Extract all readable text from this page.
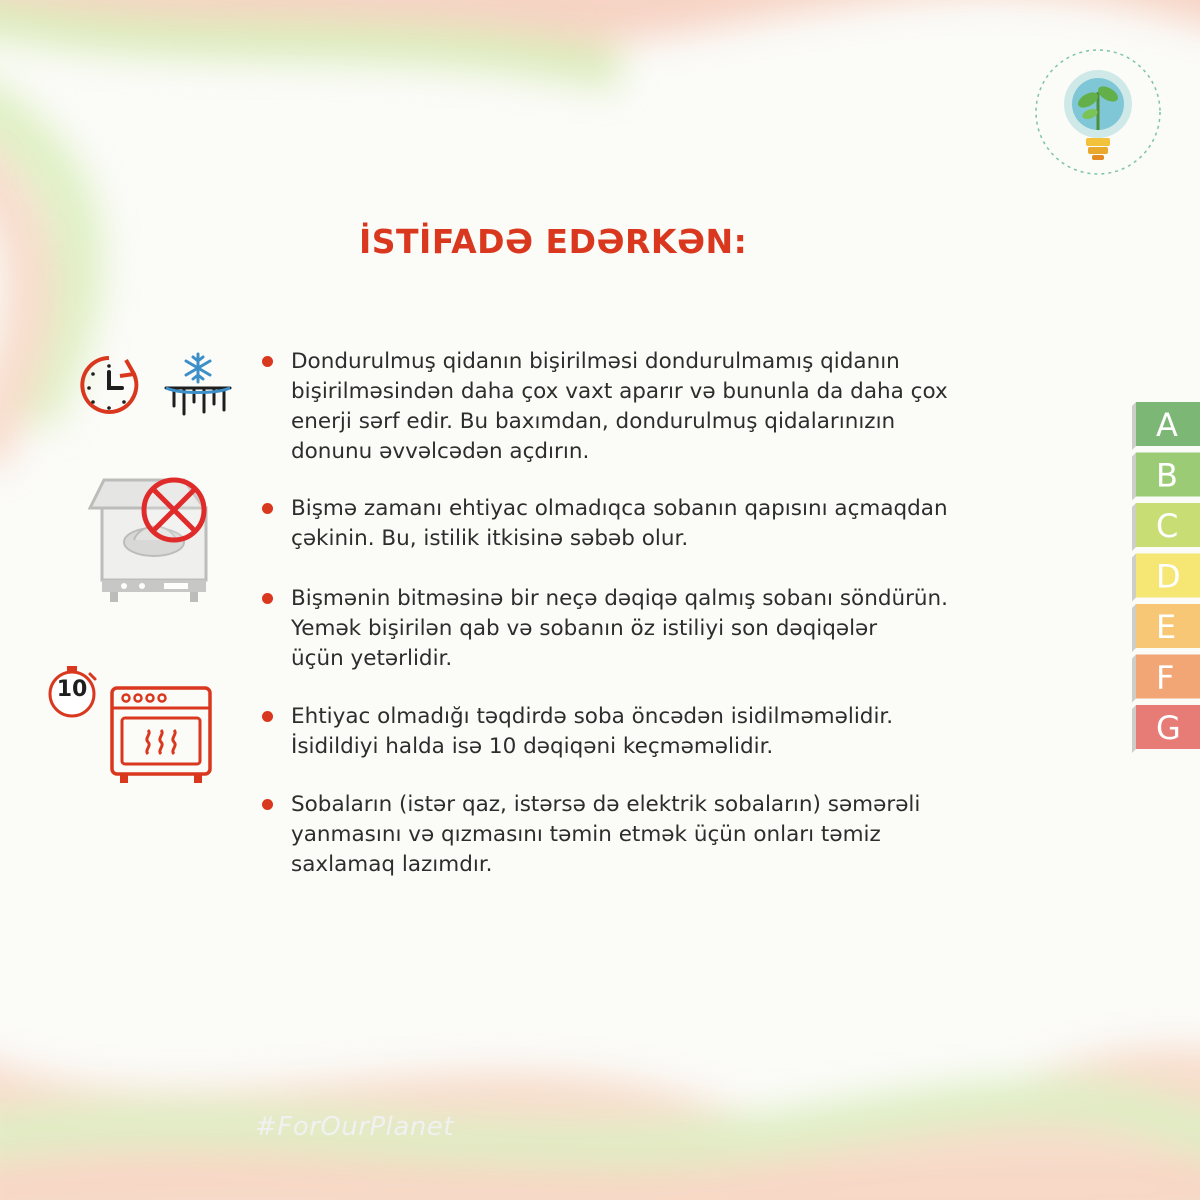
İSTİFADƏ EDƏRKƏN:
10
Dondurulmuş qidanın bişirilməsi dondurulmamış qidanın
bişirilməsindən daha çox vaxt aparır və bununla da daha çox
enerji sərf edir. Bu baxımdan, dondurulmuş qidalarınızın
donunu əvvəlcədən açdırın.
Bişmə zamanı ehtiyac olmadıqca sobanın qapısını açmaqdan
çəkinin. Bu, istilik itkisinə səbəb olur.
Bişmənin bitməsinə bir neçə dəqiqə qalmış sobanı söndürün.
Yemək bişirilən qab və sobanın öz istiliyi son dəqiqələr
üçün yetərlidir.
Ehtiyac olmadığı təqdirdə soba öncədən isidilməməlidir.
İsidildiyi halda isə 10 dəqiqəni keçməməlidir.
Sobaların (istər qaz, istərsə də elektrik sobaların) səmərəli
yanmasını və qızmasını təmin etmək üçün onları təmiz
saxlamaq lazımdır.
A
B
C
D
E
F
G
#ForOurPlanet
